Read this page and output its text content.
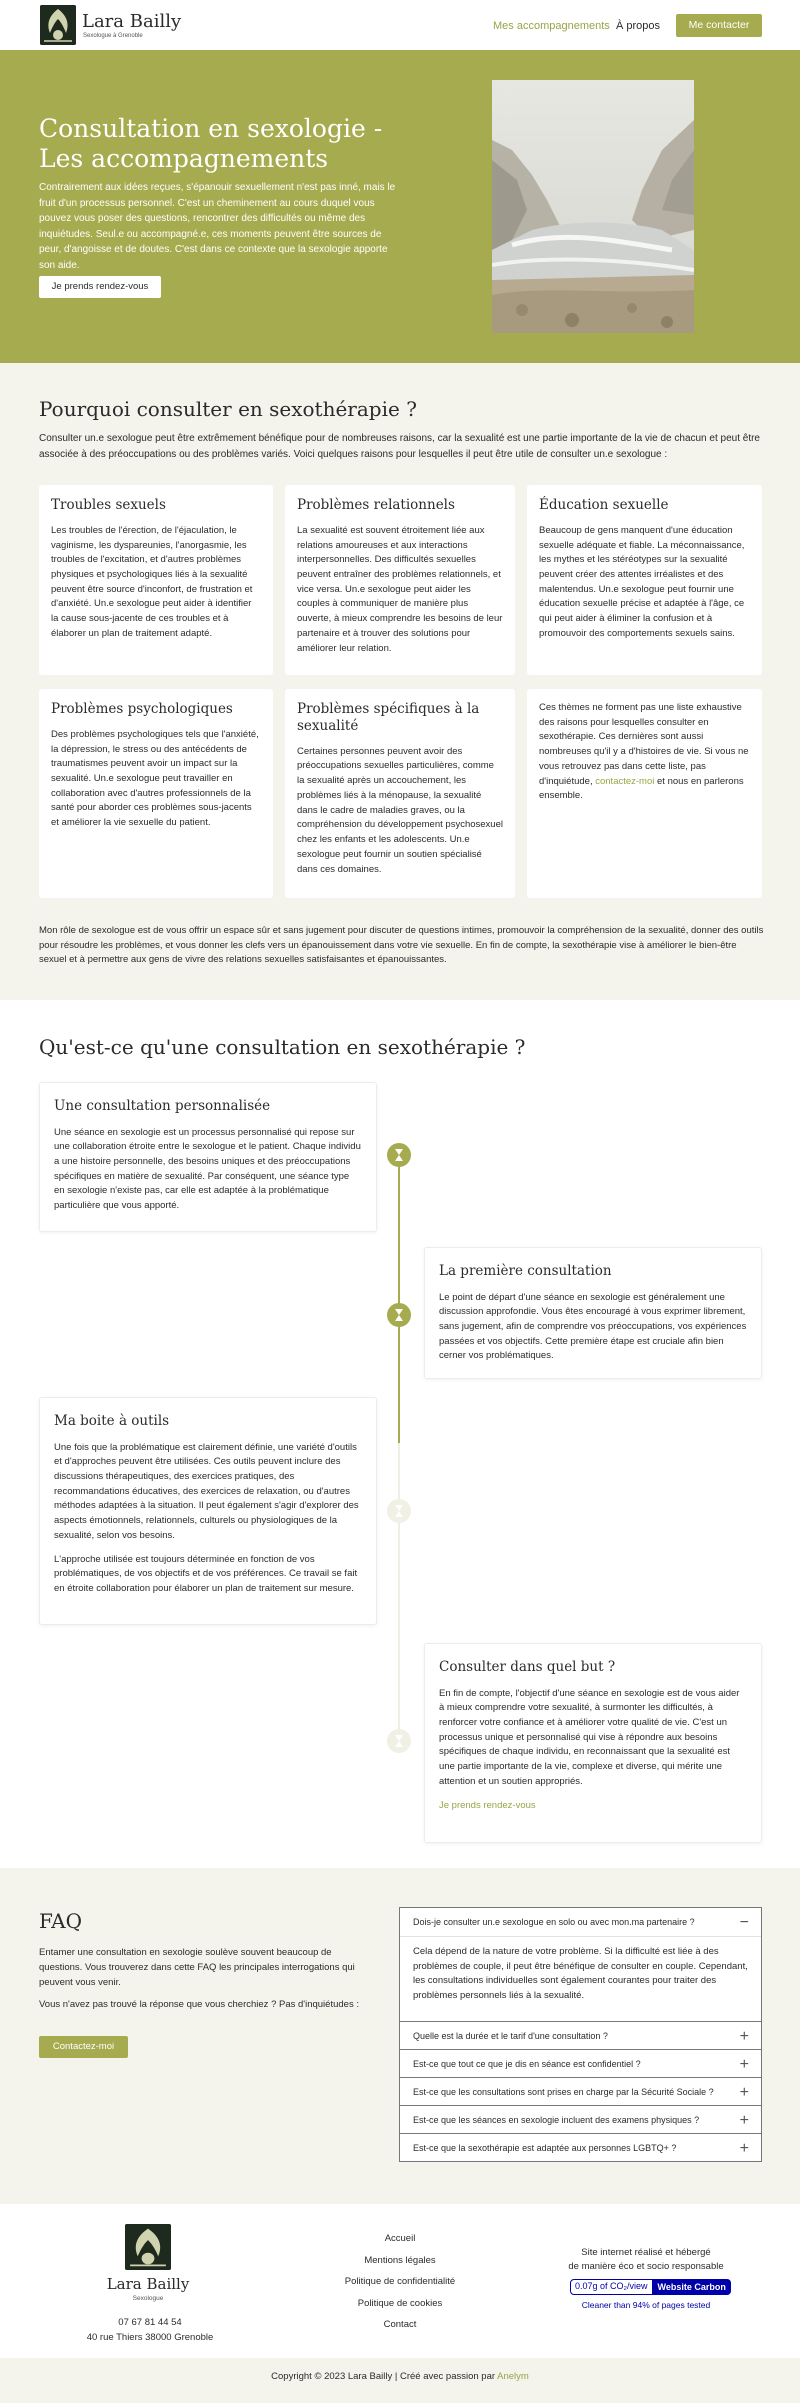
Lara Bailly
Sexologue à Grenoble
Mes accompagnements À propos	Me contacter
Consultation en sexologie -
Les accompagnements

Contrairement aux idées reçues, s'épanouir sexuellement n'est pas inné, mais le fruit d'un processus personnel. C'est un cheminement au cours duquel vous pouvez vous poser des questions, rencontrer des difficultés ou même des inquiétudes. Seul.e ou accompagné.e, ces moments peuvent être sources de peur, d'angoisse et de doutes. C'est dans ce contexte que la sexologie apporte son aide.

Je prends rendez-vous
Pourquoi consulter en sexothérapie ?

Consulter un.e sexologue peut être extrêmement bénéfique pour de nombreuses raisons, car la sexualité est une partie importante de la vie de chacun et peut être associée à des préoccupations ou des problèmes variés. Voici quelques raisons pour lesquelles il peut être utile de consulter un.e sexologue :

Troubles sexuels

Les troubles de l'érection, de l'éjaculation, le vaginisme, les dyspareunies, l'anorgasmie, les troubles de l'excitation, et d'autres problèmes physiques et psychologiques liés à la sexualité peuvent être source d'inconfort, de frustration et d'anxiété. Un.e sexologue peut aider à identifier la cause sous-jacente de ces troubles et à élaborer un plan de traitement adapté.

Problèmes relationnels

La sexualité est souvent étroitement liée aux relations amoureuses et aux interactions interpersonnelles. Des difficultés sexuelles peuvent entraîner des problèmes relationnels, et vice versa. Un.e sexologue peut aider les couples à communiquer de manière plus ouverte, à mieux comprendre les besoins de leur partenaire et à trouver des solutions pour améliorer leur relation.

Éducation sexuelle

Beaucoup de gens manquent d'une éducation sexuelle adéquate et fiable. La méconnaissance, les mythes et les stéréotypes sur la sexualité peuvent créer des attentes irréalistes et des malentendus. Un.e sexologue peut fournir une éducation sexuelle précise et adaptée à l'âge, ce qui peut aider à éliminer la confusion et à promouvoir des comportements sexuels sains.

Problèmes psychologiques

Des problèmes psychologiques tels que l'anxiété, la dépression, le stress ou des antécédents de traumatismes peuvent avoir un impact sur la sexualité. Un.e sexologue peut travailler en collaboration avec d'autres professionnels de la santé pour aborder ces problèmes sous-jacents et améliorer la vie sexuelle du patient.

Problèmes spécifiques à la sexualité

Certaines personnes peuvent avoir des préoccupations sexuelles particulières, comme la sexualité après un accouchement, les problèmes liés à la ménopause, la sexualité dans le cadre de maladies graves, ou la compréhension du développement psychosexuel chez les enfants et les adolescents. Un.e sexologue peut fournir un soutien spécialisé dans ces domaines.

Ces thèmes ne forment pas une liste exhaustive des raisons pour lesquelles consulter en sexothérapie. Ces dernières sont aussi nombreuses qu'il y a d'histoires de vie. Si vous ne vous retrouvez pas dans cette liste, pas d'inquiétude, contactez-moi et nous en parlerons ensemble.

Mon rôle de sexologue est de vous offrir un espace sûr et sans jugement pour discuter de questions intimes, promouvoir la compréhension de la sexualité, donner des outils pour résoudre les problèmes, et vous donner les clefs vers un épanouissement dans votre vie sexuelle. En fin de compte, la sexothérapie vise à améliorer le bien-être sexuel et à permettre aux gens de vivre des relations sexuelles satisfaisantes et épanouissantes.

Qu'est-ce qu'une consultation en sexothérapie ?
Une consultation personnalisée

Une séance en sexologie est un processus personnalisé qui repose sur une collaboration étroite entre le sexologue et le patient. Chaque individu a une histoire personnelle, des besoins uniques et des préoccupations spécifiques en matière de sexualité. Par conséquent, une séance type en sexologie n'existe pas, car elle est adaptée à la problématique particulière que vous apporté.

La première consultation

Le point de départ d'une séance en sexologie est généralement une discussion approfondie. Vous êtes encouragé à vous exprimer librement, sans jugement, afin de comprendre vos préoccupations, vos expériences passées et vos objectifs. Cette première étape est cruciale afin bien cerner vos problématiques.

Ma boite à outils

Une fois que la problématique est clairement définie, une variété d'outils et d'approches peuvent être utilisées. Ces outils peuvent inclure des discussions thérapeutiques, des exercices pratiques, des recommandations éducatives, des exercices de relaxation, ou d'autres méthodes adaptées à la situation. Il peut également s'agir d'explorer des aspects émotionnels, relationnels, culturels ou physiologiques de la sexualité, selon vos besoins.

L'approche utilisée est toujours déterminée en fonction de vos problématiques, de vos objectifs et de vos préférences. Ce travail se fait en étroite collaboration pour élaborer un plan de traitement sur mesure.

Consulter dans quel but ?

En fin de compte, l'objectif d'une séance en sexologie est de vous aider à mieux comprendre votre sexualité, à surmonter les difficultés, à renforcer votre confiance et à améliorer votre qualité de vie. C'est un processus unique et personnalisé qui vise à répondre aux besoins spécifiques de chaque individu, en reconnaissant que la sexualité est une partie importante de la vie, complexe et diverse, qui mérite une attention et un soutien appropriés.

Je prends rendez-vous

FAQ

Entamer une consultation en sexologie soulève souvent beaucoup de questions. Vous trouverez dans cette FAQ les principales interrogations qui peuvent vous venir.

Vous n'avez pas trouvé la réponse que vous cherchiez ? Pas d'inquiétudes :

Contactez-moi
Dois-je consulter un.e sexologue en solo ou avec mon.ma partenaire ?	−
Cela dépend de la nature de votre problème. Si la difficulté est liée à des problèmes de couple, il peut être bénéfique de consulter en couple. Cependant, les consultations individuelles sont également courantes pour traiter des problèmes personnels liés à la sexualité.
Quelle est la durée et le tarif d'une consultation ?	+
Est-ce que tout ce que je dis en séance est confidentiel ?	+
Est-ce que les consultations sont prises en charge par la Sécurité Sociale ? +
Est-ce que les séances en sexologie incluent des examens physiques ?	+
Est-ce que la sexothérapie est adaptée aux personnes LGBTQ+ ?	+
Lara Bailly
Sexologue
07 67 81 44 54
40 rue Thiers 38000 Grenoble
Accueil
Mentions légales
Politique de confidentialité
Politique de cookies
Contact
Site internet réalisé et hébergé
de manière éco et socio responsable
0.07g of CO₂/view	Website Carbon
Cleaner than 94% of pages tested
Copyright © 2023 Lara Bailly | Créé avec passion par Anelym
